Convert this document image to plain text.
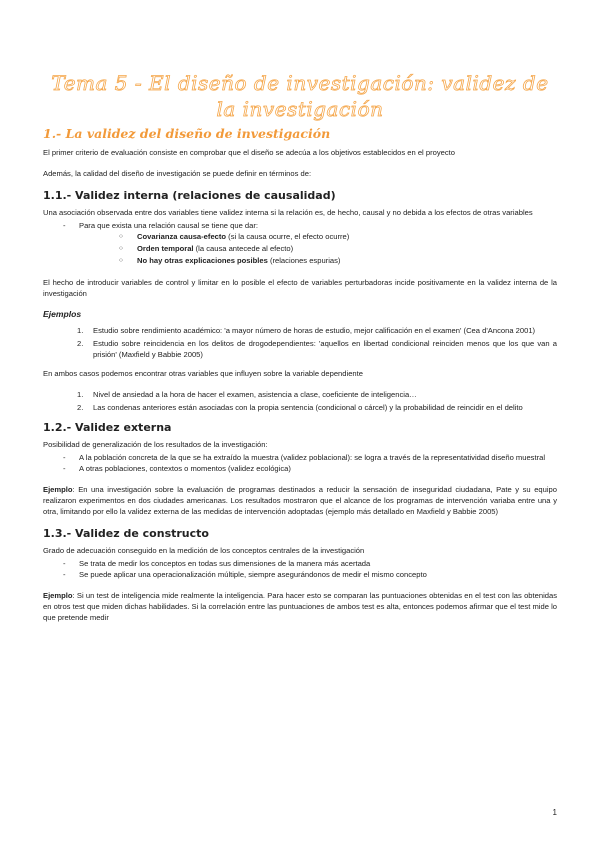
Tema 5 - El diseño de investigación: validez de la investigación
1.- La validez del diseño de investigación

El primer criterio de evaluación consiste en comprobar que el diseño se adecúa a los objetivos establecidos en el proyecto

Además, la calidad del diseño de investigación se puede definir en términos de:

1.1.- Validez interna (relaciones de causalidad)

Una asociación observada entre dos variables tiene validez interna si la relación es, de hecho, causal y no debida a los efectos de otras variables

- Para que exista una relación causal se tiene que dar:
○ Covarianza causa-efecto (si la causa ocurre, el efecto ocurre)
○ Orden temporal (la causa antecede al efecto)
○ No hay otras explicaciones posibles (relaciones espurias)

El hecho de introducir variables de control y limitar en lo posible el efecto de variables perturbadoras incide positivamente en la validez interna de la investigación

Ejemplos
1. Estudio sobre rendimiento académico: 'a mayor número de horas de estudio, mejor calificación en el examen' (Cea d'Ancona 2001)
2. Estudio sobre reincidencia en los delitos de drogodependientes: 'aquellos en libertad condicional reinciden menos que los que van a prisión' (Maxfield y Babbie 2005)

En ambos casos podemos encontrar otras variables que influyen sobre la variable dependiente

1. Nivel de ansiedad a la hora de hacer el examen, asistencia a clase, coeficiente de inteligencia…
2. Las condenas anteriores están asociadas con la propia sentencia (condicional o cárcel) y la probabilidad de reincidir en el delito
1.2.- Validez externa

Posibilidad de generalización de los resultados de la investigación:

- A la población concreta de la que se ha extraído la muestra (validez poblacional): se logra a través de la representatividad diseño muestral
- A otras poblaciones, contextos o momentos (validez ecológica)

Ejemplo: En una investigación sobre la evaluación de programas destinados a reducir la sensación de inseguridad ciudadana, Pate y su equipo realizaron experimentos en dos ciudades americanas. Los resultados mostraron que el alcance de los programas de intervención variaba entre una y otra, limitando por ello la validez externa de las medidas de intervención adoptadas (ejemplo más detallado en Maxfield y Babbie 2005)

1.3.- Validez de constructo

Grado de adecuación conseguido en la medición de los conceptos centrales de la investigación

- Se trata de medir los conceptos en todas sus dimensiones de la manera más acertada
- Se puede aplicar una operacionalización múltiple, siempre asegurándonos de medir el mismo concepto

Ejemplo: Si un test de inteligencia mide realmente la inteligencia. Para hacer esto se comparan las puntuaciones obtenidas en el test con las obtenidas en otros test que miden dichas habilidades. Si la correlación entre las puntuaciones de ambos test es alta, entonces podemos afirmar que el test mide lo que pretende medir

1
